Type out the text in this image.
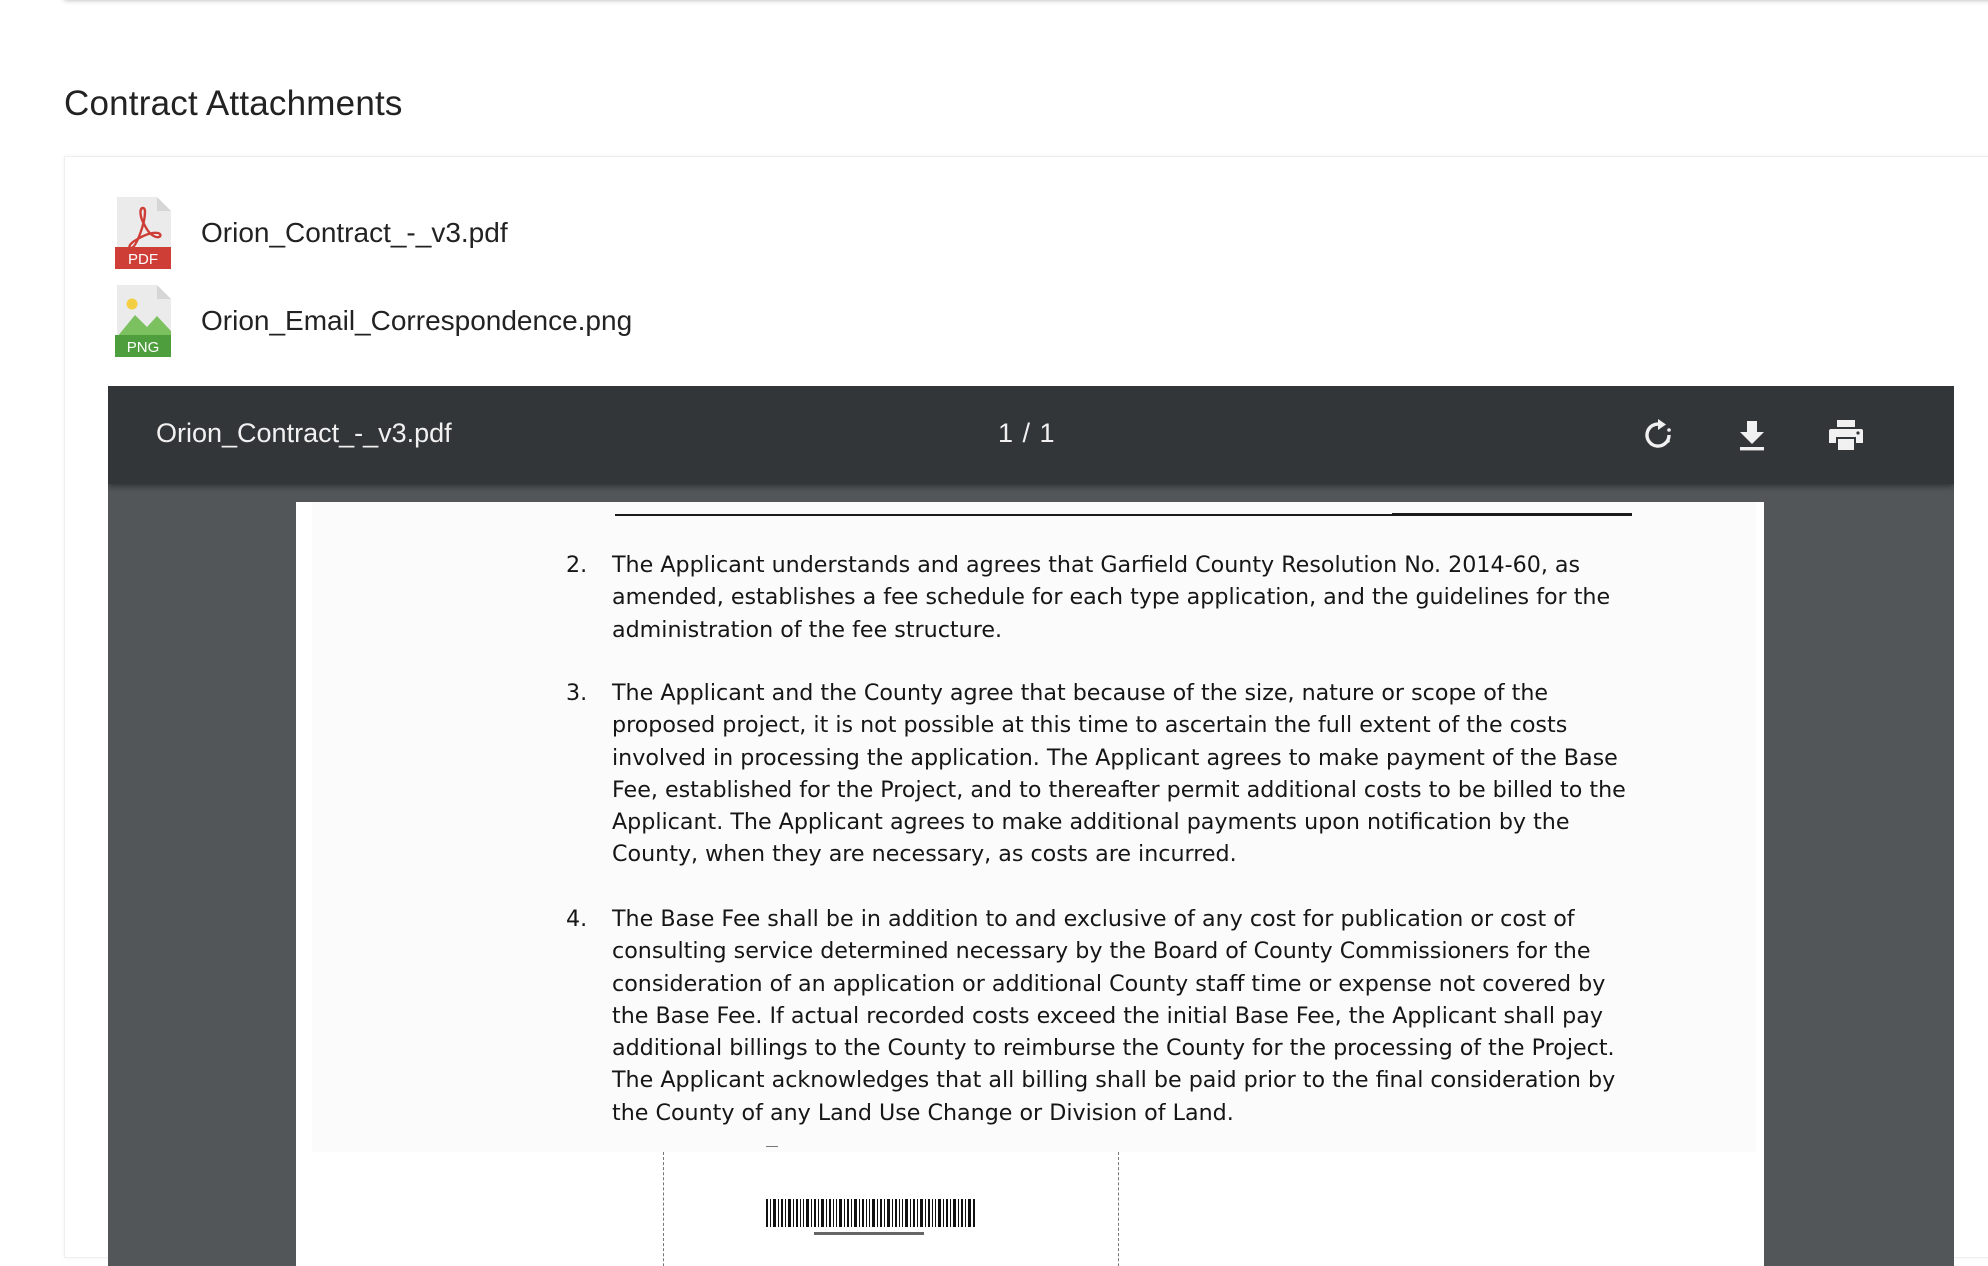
Contract Attachments
PDF
Orion_Contract_-_v3.pdf
PNG
Orion_Email_Correspondence.png
Orion_Contract_-_v3.pdf	1 / 1
2.	The Applicant understands and agrees that Garfield County Resolution No. 2014-60, as
amended, establishes a fee schedule for each type application, and the guidelines for the
administration of the fee structure.
3.	The Applicant and the County agree that because of the size, nature or scope of the
proposed project, it is not possible at this time to ascertain the full extent of the costs
involved in processing the application. The Applicant agrees to make payment of the Base
Fee, established for the Project, and to thereafter permit additional costs to be billed to the
Applicant. The Applicant agrees to make additional payments upon notification by the
County, when they are necessary, as costs are incurred.
4.	The Base Fee shall be in addition to and exclusive of any cost for publication or cost of
consulting service determined necessary by the Board of County Commissioners for the
consideration of an application or additional County staff time or expense not covered by
the Base Fee. If actual recorded costs exceed the initial Base Fee, the Applicant shall pay
additional billings to the County to reimburse the County for the processing of the Project.
The Applicant acknowledges that all billing shall be paid prior to the final consideration by
the County of any Land Use Change or Division of Land.
